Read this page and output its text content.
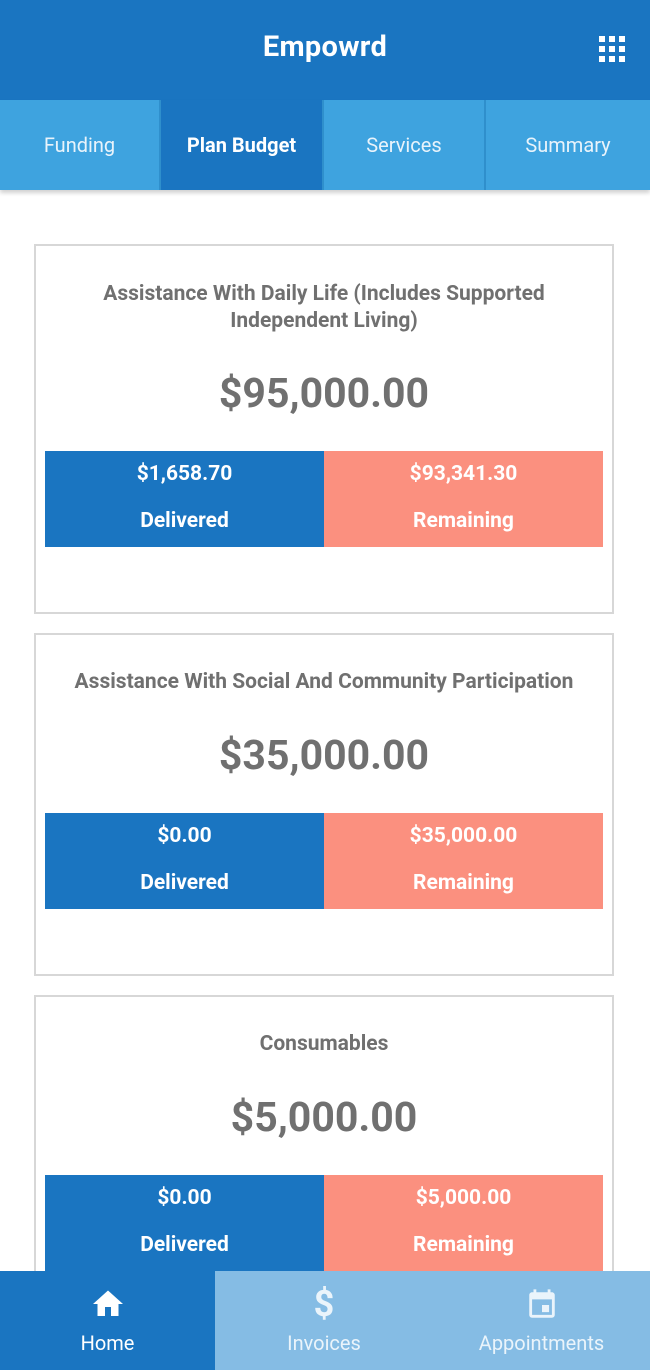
Empowrd
Funding	Plan Budget	Services	Summary
Assistance With Daily Life (Includes Supported Independent Living)
$95,000.00
$1,658.70
Delivered
$93,341.30
Remaining
Assistance With Social And Community Participation
$35,000.00
$0.00
Delivered
$35,000.00
Remaining
Consumables
$5,000.00
$0.00
Delivered
$5,000.00
Remaining
Home
$
Invoices	Appointments
